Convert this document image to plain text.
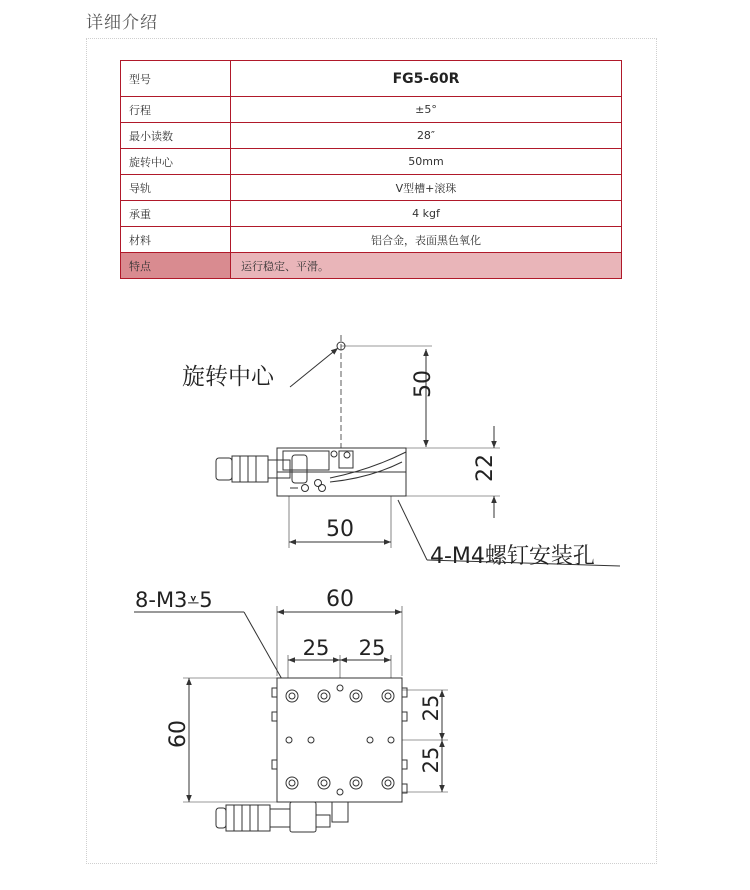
详细介绍
型号	FG5-60R
行程	±5°
最小读数	28″
旋转中心	50mm
导轨	V型槽+滚珠
承重	4 kgf
材料	铝合金，表面黑色氧化
特点	运行稳定、平滑。
旋转中心	50
22
50
4-M4螺钉安装孔
8-M3⩡5	60
25 25
60
25
25
